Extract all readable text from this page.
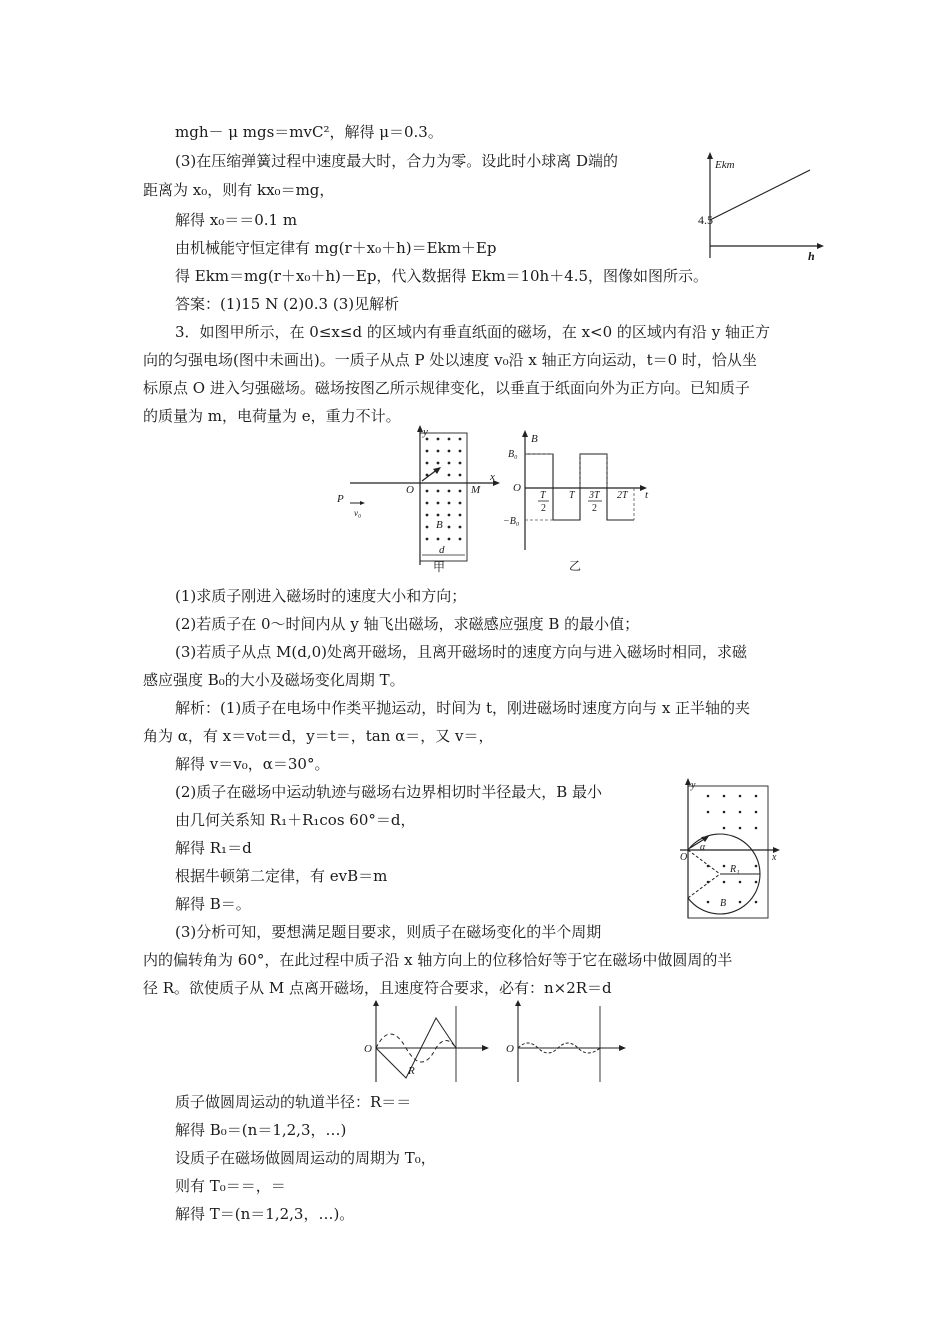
mgh－ μ mgs＝mvC²，解得 μ＝0.3。
(3)在压缩弹簧过程中速度最大时，合力为零。设此时小球离 D端的
距离为 x₀，则有 kx₀＝mg，
解得 x₀＝＝0.1 m
由机械能守恒定律有 mg(r＋x₀＋h)＝Ekm＋Ep
得 Ekm＝mg(r＋x₀＋h)－Ep，代入数据得 Ekm＝10h＋4.5，图像如图所示。
答案：(1)15 N (2)0.3 (3)见解析
3．如图甲所示，在 0≤x≤d 的区域内有垂直纸面的磁场，在 x<0 的区域内有沿 y 轴正方
向的匀强电场(图中未画出)。一质子从点 P 处以速度 v₀沿 x 轴正方向运动，t＝0 时，恰从坐
标原点 O 进入匀强磁场。磁场按图乙所示规律变化，以垂直于纸面向外为正方向。已知质子
的质量为 m，电荷量为 e，重力不计。
(1)求质子刚进入磁场时的速度大小和方向；
(2)若质子在 0～时间内从 y 轴飞出磁场，求磁感应强度 B 的最小值；
(3)若质子从点 M(d,0)处离开磁场，且离开磁场时的速度方向与进入磁场时相同，求磁
感应强度 B₀的大小及磁场变化周期 T。
解析：(1)质子在电场中作类平抛运动，时间为 t，刚进磁场时速度方向与 x 正半轴的夹
角为 α，有 x＝v₀t＝d，y＝t＝，tan α＝，又 v＝，
解得 v＝v₀，α＝30°。
(2)质子在磁场中运动轨迹与磁场右边界相切时半径最大，B 最小
由几何关系知 R₁＋R₁cos 60°＝d，
解得 R₁＝d
根据牛顿第二定律，有 evB＝m
解得 B＝。
(3)分析可知，要想满足题目要求，则质子在磁场变化的半个周期
内的偏转角为 60°，在此过程中质子沿 x 轴方向上的位移恰好等于它在磁场中做圆周的半
径 R。欲使质子从 M 点离开磁场，且速度符合要求，必有：n×2R＝d
质子做圆周运动的轨道半径：R＝＝
解得 B₀＝(n＝1,2,3，…)
设质子在磁场做圆周运动的周期为 T₀，
则有 T₀＝＝，＝
解得 T＝(n＝1,2,3，…)。
Ekm
h
4.5
y
x
O	M
P
v₀
B
d
甲
B
B₀
−B₀
O
t
T
2
T 3T
2
2T
乙
y
x
O
α
R₁
B
O
R
O
